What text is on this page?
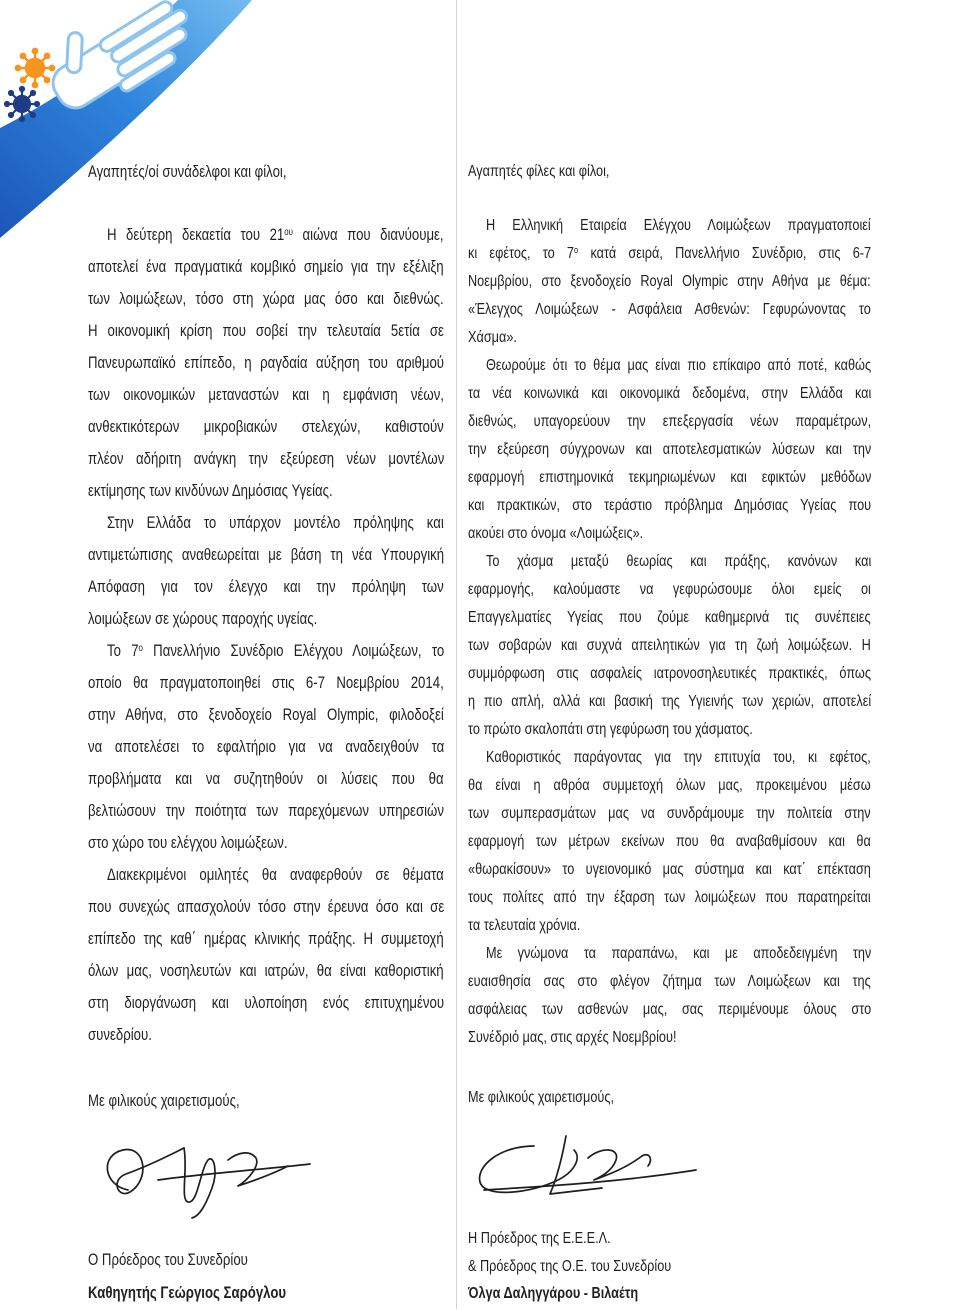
Αγαπητές/οί συνάδελφοι και φίλοι,
Η δεύτερη δεκαετία του $21^{o\upsilon}$ αιώνα που διανύουμε,
αποτελεί ένα πραγματικά κομβικό σημείο για την εξέλιξη
των λοιμώξεων, τόσο στη χώρα μας όσο και διεθνώς.
Η οικονομική κρίση που σοβεί την τελευταία 5ετία σε
Πανευρωπαϊκό επίπεδο, η ραγδαία αύξηση του αριθμού
των οικονομικών μεταναστών και η εμφάνιση νέων,
ανθεκτικότερων μικροβιακών στελεχών, καθιστούν
πλέον αδήριτη ανάγκη την εξεύρεση νέων μοντέλων
εκτίμησης των κινδύνων Δημόσιας Υγείας.
Στην Ελλάδα το υπάρχον μοντέλο πρόληψης και
αντιμετώπισης αναθεωρείται με βάση τη νέα Υπουργική
Απόφαση για τον έλεγχο και την πρόληψη των
λοιμώξεων σε χώρους παροχής υγείας.
Το $7^o$ Πανελλήνιο Συνέδριο Ελέγχου Λοιμώξεων, το
οποίο θα πραγματοποιηθεί στις 6-7 Νοεμβρίου 2014,
στην Αθήνα, στο ξενοδοχείο Royal Olympic, φιλοδοξεί
να αποτελέσει το εφαλτήριο για να αναδειχθούν τα
προβλήματα και να συζητηθούν οι λύσεις που θα
βελτιώσουν την ποιότητα των παρεχόμενων υπηρεσιών
στο χώρο του ελέγχου λοιμώξεων.
Διακεκριμένοι ομιλητές θα αναφερθούν σε θέματα
που συνεχώς απασχολούν τόσο στην έρευνα όσο και σε
επίπεδο της καθ΄ ημέρας κλινικής πράξης. Η συμμετοχή
όλων μας, νοσηλευτών και ιατρών, θα είναι καθοριστική
στη διοργάνωση και υλοποίηση ενός επιτυχημένου
συνεδρίου.
Με φιλικούς χαιρετισμούς,
Ο Πρόεδρος του Συνεδρίου
Καθηγητής Γεώργιος Σαρόγλου
Αγαπητές φίλες και φίλοι,
Η Ελληνική Εταιρεία Ελέγχου Λοιμώξεων πραγματοποιεί
κι εφέτος, το $7^o$ κατά σειρά, Πανελλήνιο Συνέδριο, στις 6-7
Νοεμβρίου, στο ξενοδοχείο Royal Olympic στην Αθήνα με θέμα:
«Έλεγχος Λοιμώξεων - Ασφάλεια Ασθενών: Γεφυρώνοντας το
Χάσμα».
Θεωρούμε ότι το θέμα μας είναι πιο επίκαιρο από ποτέ, καθώς
τα νέα κοινωνικά και οικονομικά δεδομένα, στην Ελλάδα και
διεθνώς, υπαγορεύουν την επεξεργασία νέων παραμέτρων,
την εξεύρεση σύγχρονων και αποτελεσματικών λύσεων και την
εφαρμογή επιστημονικά τεκμηριωμένων και εφικτών μεθόδων
και πρακτικών, στο τεράστιο πρόβλημα Δημόσιας Υγείας που
ακούει στο όνομα «Λοιμώξεις».
Το χάσμα μεταξύ θεωρίας και πράξης, κανόνων και
εφαρμογής, καλούμαστε να γεφυρώσουμε όλοι εμείς οι
Επαγγελματίες Υγείας που ζούμε καθημερινά τις συνέπειες
των σοβαρών και συχνά απειλητικών για τη ζωή λοιμώξεων. Η
συμμόρφωση στις ασφαλείς ιατρονοσηλευτικές πρακτικές, όπως
η πιο απλή, αλλά και βασική της Υγιεινής των χεριών, αποτελεί
το πρώτο σκαλοπάτι στη γεφύρωση του χάσματος.
Καθοριστικός παράγοντας για την επιτυχία του, κι εφέτος,
θα είναι η αθρόα συμμετοχή όλων μας, προκειμένου μέσω
των συμπερασμάτων μας να συνδράμουμε την πολιτεία στην
εφαρμογή των μέτρων εκείνων που θα αναβαθμίσουν και θα
«θωρακίσουν» το υγειονομικό μας σύστημα και κατ΄ επέκταση
τους πολίτες από την έξαρση των λοιμώξεων που παρατηρείται
τα τελευταία χρόνια.
Με γνώμονα τα παραπάνω, και με αποδεδειγμένη την
ευαισθησία σας στο φλέγον ζήτημα των Λοιμώξεων και της
ασφάλειας των ασθενών μας, σας περιμένουμε όλους στο
Συνέδριό μας, στις αρχές Νοεμβρίου!
Με φιλικούς χαιρετισμούς,
Η Πρόεδρος της Ε.Ε.Ε.Λ.
& Πρόεδρος της Ο.Ε. του Συνεδρίου
Όλγα Δαληγγάρου - Βιλαέτη
